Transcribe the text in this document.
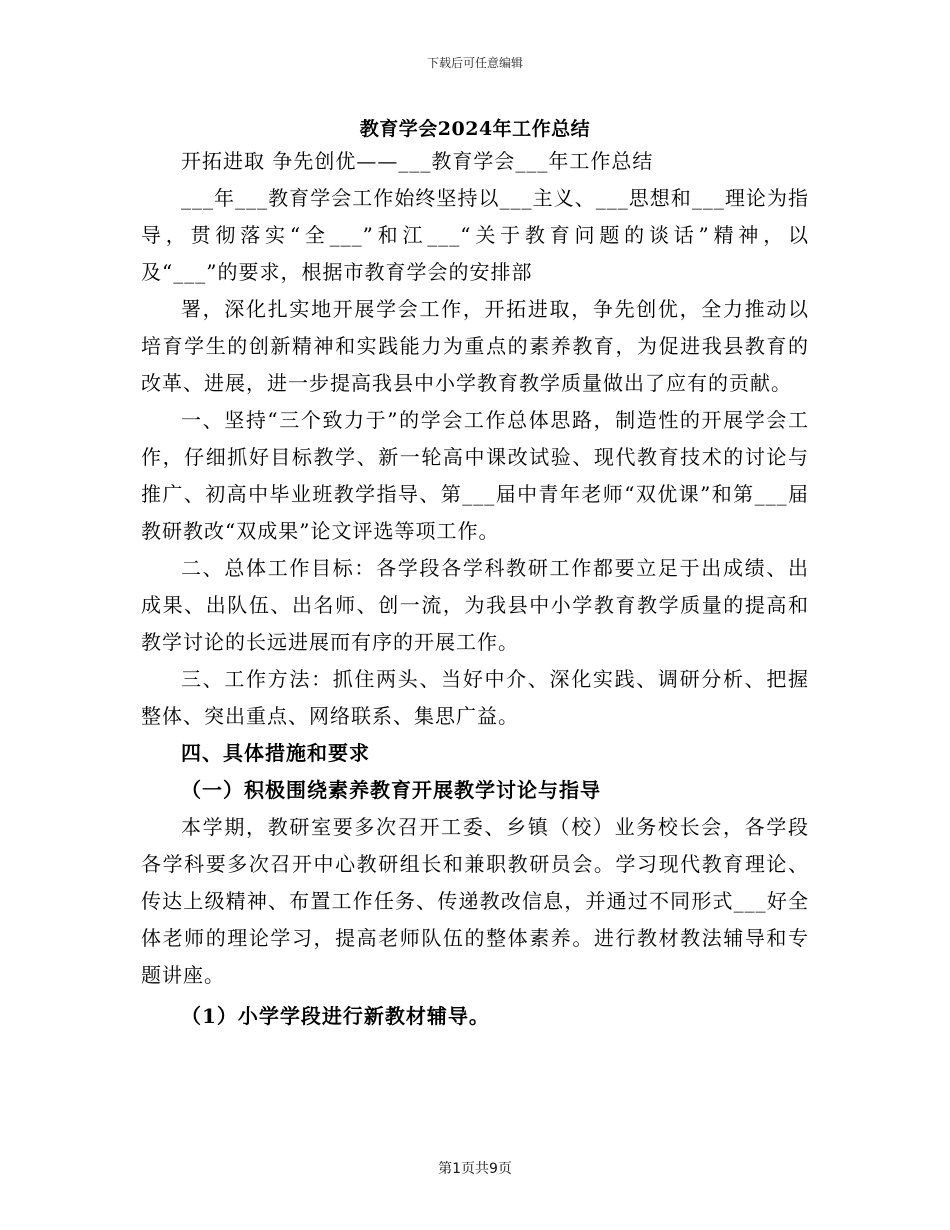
下载后可任意编辑
教育学会2024年工作总结

开拓进取 争先创优——___教育学会___年工作总结

___年___教育学会工作始终坚持以___主义、___思想和___理论为指导，贯彻落实“全___”和江___“关于教育问题的谈话”精神，以及“___”的要求，根据市教育学会的安排部

署，深化扎实地开展学会工作，开拓进取，争先创优，全力推动以培育学生的创新精神和实践能力为重点的素养教育，为促进我县教育的改革、进展，进一步提高我县中小学教育教学质量做出了应有的贡献。

一、坚持“三个致力于”的学会工作总体思路，制造性的开展学会工作，仔细抓好目标教学、新一轮高中课改试验、现代教育技术的讨论与推广、初高中毕业班教学指导、第___届中青年老师“双优课”和第___届教研教改“双成果”论文评选等项工作。

二、总体工作目标：各学段各学科教研工作都要立足于出成绩、出成果、出队伍、出名师、创一流，为我县中小学教育教学质量的提高和教学讨论的长远进展而有序的开展工作。

三、工作方法：抓住两头、当好中介、深化实践、调研分析、把握整体、突出重点、网络联系、集思广益。

四、具体措施和要求

（一）积极围绕素养教育开展教学讨论与指导

本学期，教研室要多次召开工委、乡镇（校）业务校长会，各学段各学科要多次召开中心教研组长和兼职教研员会。学习现代教育理论、传达上级精神、布置工作任务、传递教改信息，并通过不同形式___好全体老师的理论学习，提高老师队伍的整体素养。进行教材教法辅导和专题讲座。

（1）小学学段进行新教材辅导。

第1页共9页
